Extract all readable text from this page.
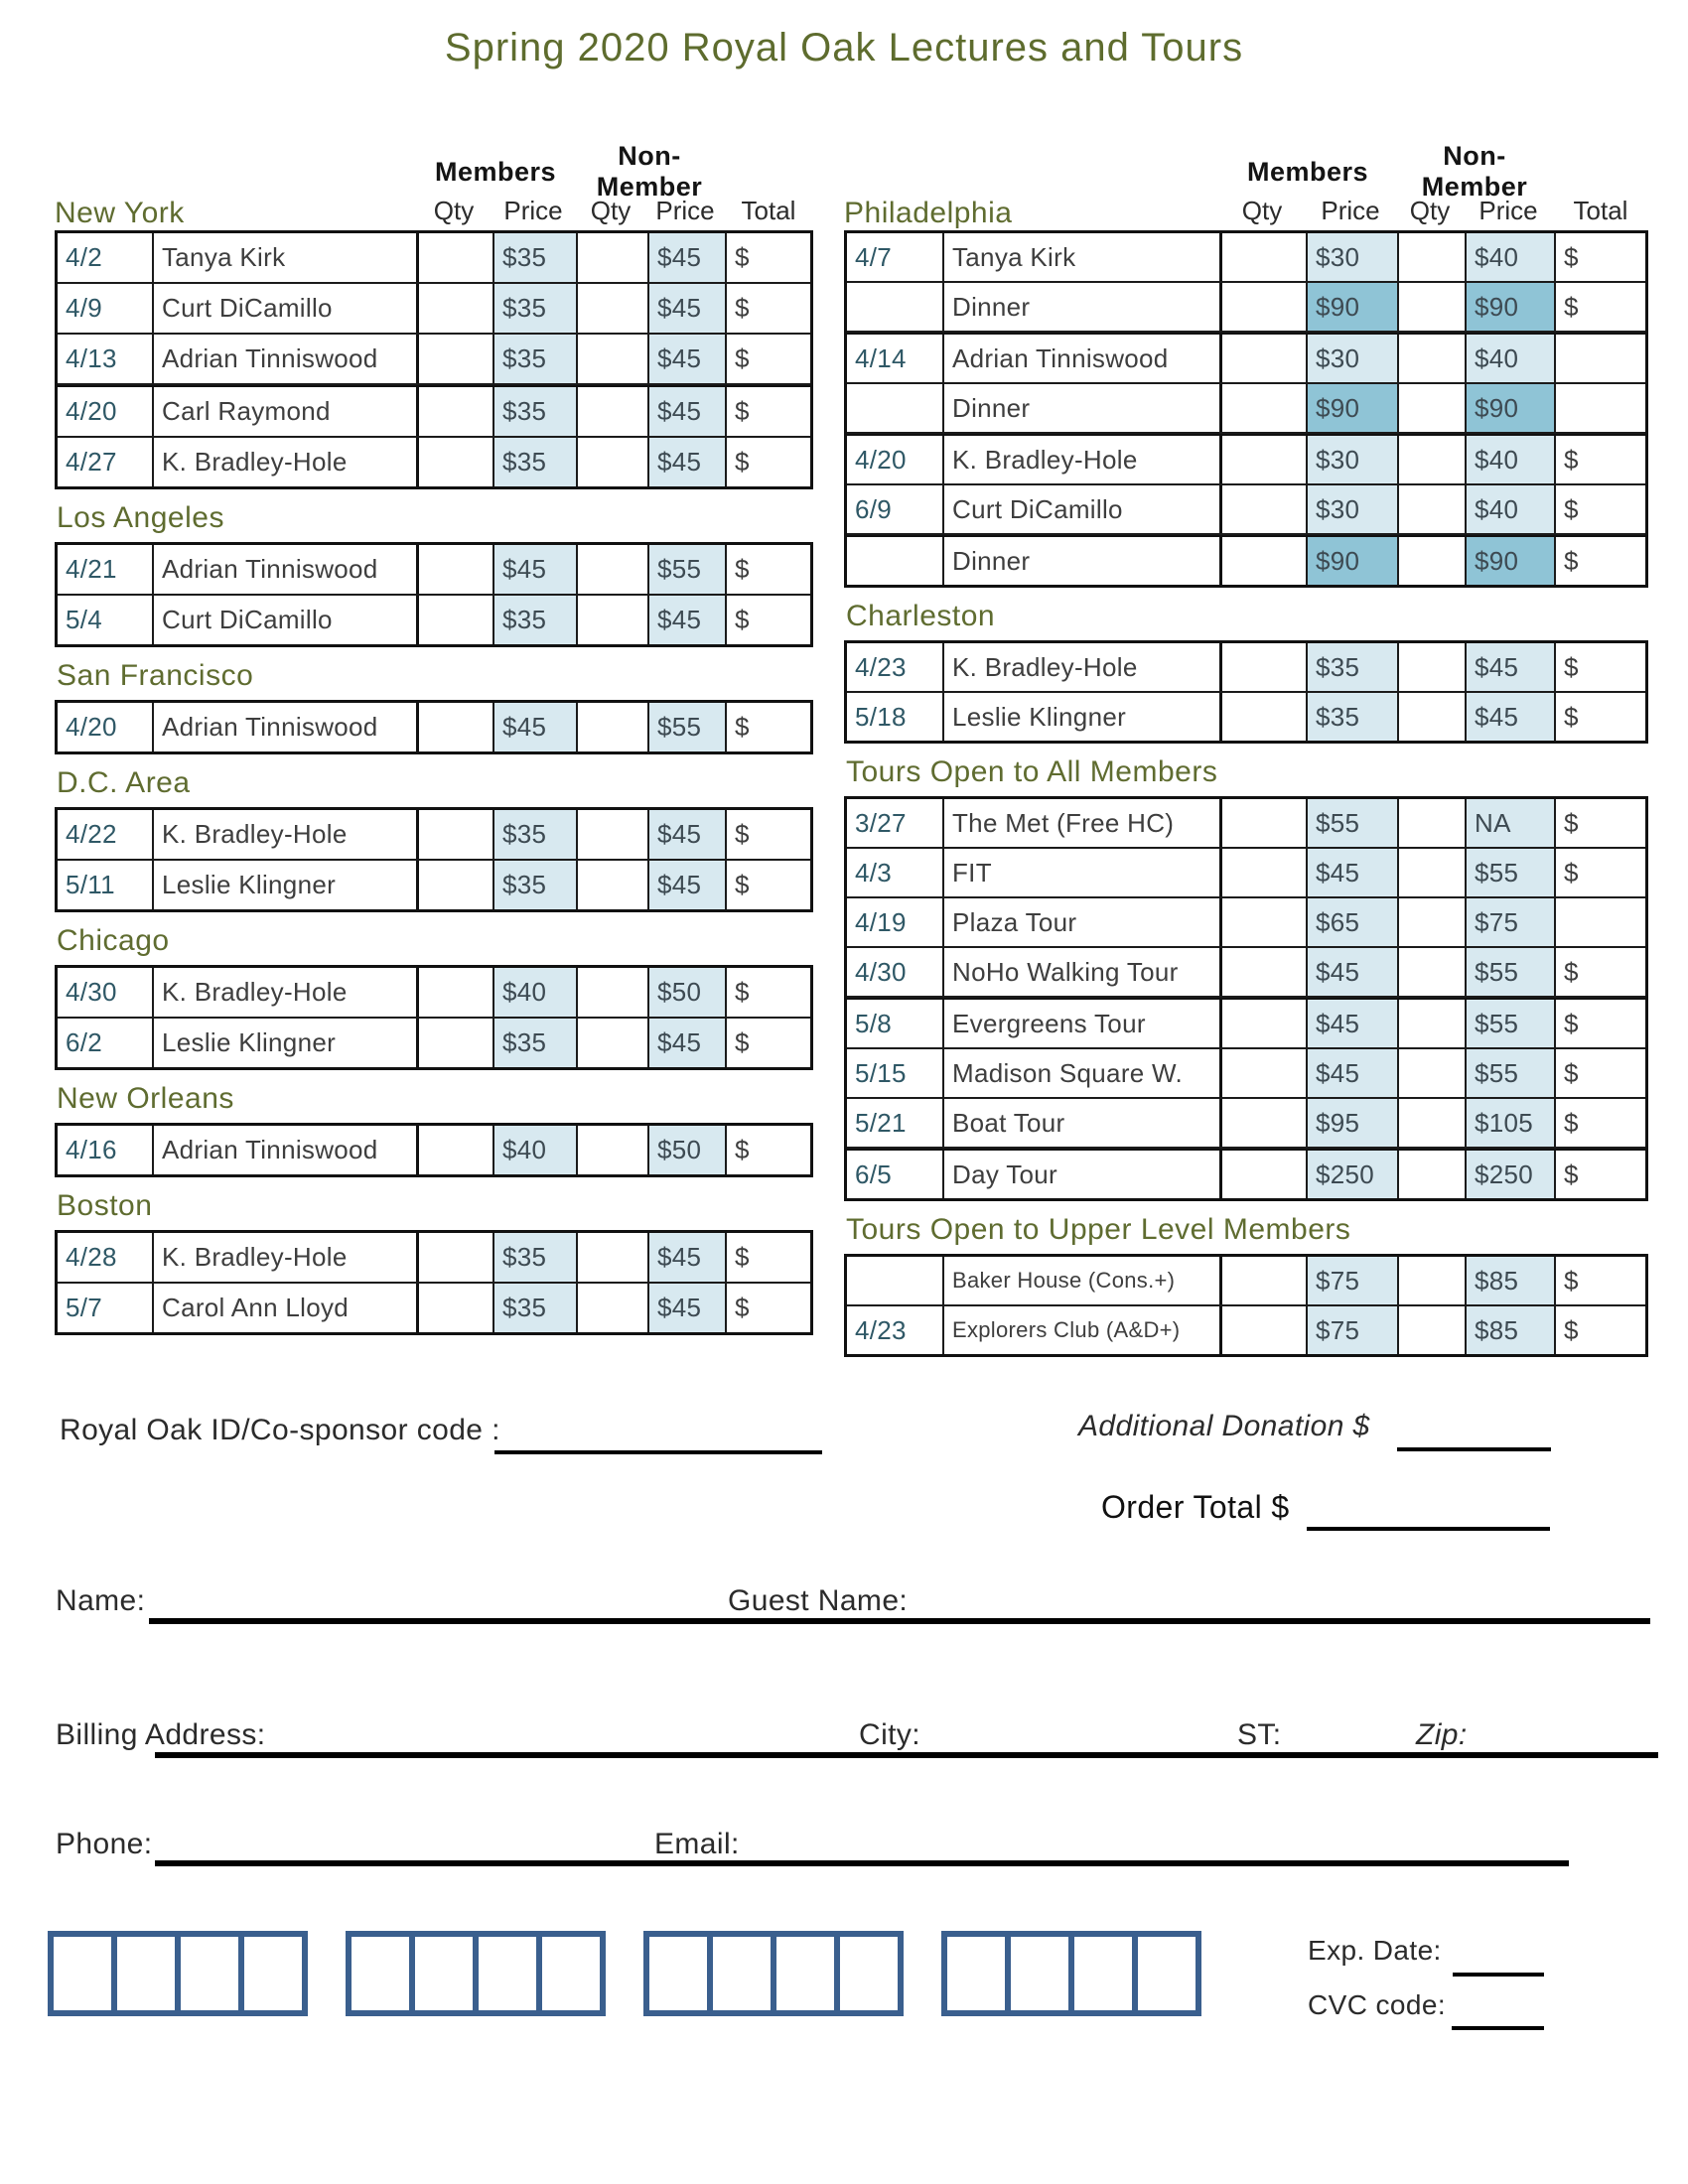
Spring 2020 Royal Oak Lectures and Tours
Members
Non-Member
New York	Qty	Price	Qty Price	Total
4/2	Tanya Kirk	$35	$45	$
4/9	Curt DiCamillo	$35	$45	$
4/13	Adrian Tinniswood	$35	$45	$
4/20	Carl Raymond	$35	$45	$
4/27	K. Bradley-Hole	$35	$45	$
Los Angeles
4/21	Adrian Tinniswood	$45	$55	$
5/4	Curt DiCamillo	$35	$45	$
San Francisco
4/20	Adrian Tinniswood	$45	$55	$
D.C. Area
4/22	K. Bradley-Hole	$35	$45	$
5/11	Leslie Klingner	$35	$45	$
Chicago
4/30	K. Bradley-Hole	$40	$50	$
6/2	Leslie Klingner	$35	$45	$
New Orleans
4/16	Adrian Tinniswood	$40	$50	$
Boston
4/28	K. Bradley-Hole	$35	$45	$
5/7	Carol Ann Lloyd	$35	$45	$
Members
Non-Member
Philadelphia	Qty	Price	Qty	Price	Total
4/7	Tanya Kirk	$30	$40	$
Dinner	$90	$90	$
4/14	Adrian Tinniswood	$30	$40
Dinner	$90	$90
4/20	K. Bradley-Hole	$30	$40	$
6/9	Curt DiCamillo	$30	$40	$
Dinner	$90	$90	$
Charleston
4/23	K. Bradley-Hole	$35	$45	$
5/18	Leslie Klingner	$35	$45	$
Tours Open to All Members
3/27	The Met (Free HC)	$55	NA	$
4/3	FIT	$45	$55	$
4/19	Plaza Tour	$65	$75
4/30	NoHo Walking Tour	$45	$55	$
5/8	Evergreens Tour	$45	$55	$
5/15	Madison Square W.	$45	$55	$
5/21	Boat Tour	$95	$105	$
6/5	Day Tour	$250	$250	$
Tours Open to Upper Level Members
Baker House (Cons.+)	$75	$85	$
4/23	Explorers Club (A&D+)	$75	$85	$
Royal Oak ID/Co-sponsor code :	Additional Donation $
Order Total $
Name:	Guest Name:
Billing Address:	City:	ST:	Zip:
Phone:	Email:
Exp. Date:
CVC code:
